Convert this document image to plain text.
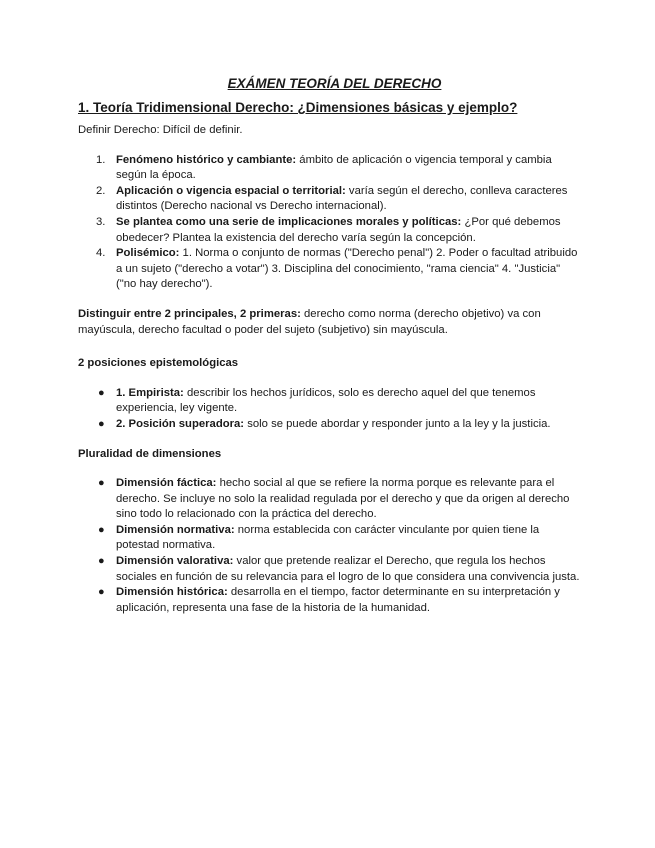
EXÁMEN TEORÍA DEL DERECHO
1. Teoría Tridimensional Derecho: ¿Dimensiones básicas y ejemplo?

Definir Derecho: Difícil de definir.

1. Fenómeno histórico y cambiante: ámbito de aplicación o vigencia temporal y cambia según la época.
2. Aplicación o vigencia espacial o territorial: varía según el derecho, conlleva caracteres distintos (Derecho nacional vs Derecho internacional).
3. Se plantea como una serie de implicaciones morales y políticas: ¿Por qué debemos obedecer? Plantea la existencia del derecho varía según la concepción.
4. Polisémico: 1. Norma o conjunto de normas ("Derecho penal") 2. Poder o facultad atribuido a un sujeto ("derecho a votar") 3. Disciplina del conocimiento, "rama ciencia" 4. "Justicia" ("no hay derecho").

Distinguir entre 2 principales, 2 primeras: derecho como norma (derecho objetivo) va con mayúscula, derecho facultad o poder del sujeto (subjetivo) sin mayúscula.

2 posiciones epistemológicas

● 1. Empirista: describir los hechos jurídicos, solo es derecho aquel del que tenemos experiencia, ley vigente.
● 2. Posición superadora: solo se puede abordar y responder junto a la ley y la justicia.

Pluralidad de dimensiones

● Dimensión fáctica: hecho social al que se refiere la norma porque es relevante para el derecho. Se incluye no solo la realidad regulada por el derecho y que da origen al derecho sino todo lo relacionado con la práctica del derecho.
● Dimensión normativa: norma establecida con carácter vinculante por quien tiene la potestad normativa.
● Dimensión valorativa: valor que pretende realizar el Derecho, que regula los hechos sociales en función de su relevancia para el logro de lo que considera una convivencia justa.
● Dimensión histórica: desarrolla en el tiempo, factor determinante en su interpretación y aplicación, representa una fase de la historia de la humanidad.
